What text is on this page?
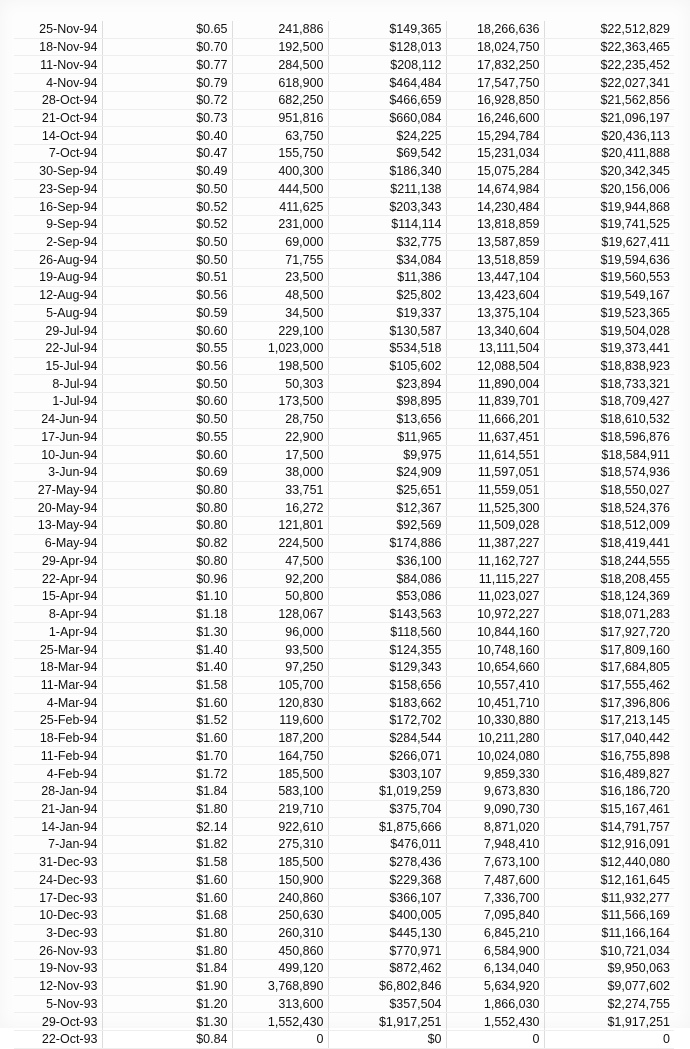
25-Nov-94	$0.65	241,886	$149,365	18,266,636	$22,512,829
18-Nov-94	$0.70	192,500	$128,013	18,024,750	$22,363,465
11-Nov-94	$0.77	284,500	$208,112	17,832,250	$22,235,452
4-Nov-94	$0.79	618,900	$464,484	17,547,750	$22,027,341
28-Oct-94	$0.72	682,250	$466,659	16,928,850	$21,562,856
21-Oct-94	$0.73	951,816	$660,084	16,246,600	$21,096,197
14-Oct-94	$0.40	63,750	$24,225	15,294,784	$20,436,113
7-Oct-94	$0.47	155,750	$69,542	15,231,034	$20,411,888
30-Sep-94	$0.49	400,300	$186,340	15,075,284	$20,342,345
23-Sep-94	$0.50	444,500	$211,138	14,674,984	$20,156,006
16-Sep-94	$0.52	411,625	$203,343	14,230,484	$19,944,868
9-Sep-94	$0.52	231,000	$114,114	13,818,859	$19,741,525
2-Sep-94	$0.50	69,000	$32,775	13,587,859	$19,627,411
26-Aug-94	$0.50	71,755	$34,084	13,518,859	$19,594,636
19-Aug-94	$0.51	23,500	$11,386	13,447,104	$19,560,553
12-Aug-94	$0.56	48,500	$25,802	13,423,604	$19,549,167
5-Aug-94	$0.59	34,500	$19,337	13,375,104	$19,523,365
29-Jul-94	$0.60	229,100	$130,587	13,340,604	$19,504,028
22-Jul-94	$0.55	1,023,000	$534,518	13,111,504	$19,373,441
15-Jul-94	$0.56	198,500	$105,602	12,088,504	$18,838,923
8-Jul-94	$0.50	50,303	$23,894	11,890,004	$18,733,321
1-Jul-94	$0.60	173,500	$98,895	11,839,701	$18,709,427
24-Jun-94	$0.50	28,750	$13,656	11,666,201	$18,610,532
17-Jun-94	$0.55	22,900	$11,965	11,637,451	$18,596,876
10-Jun-94	$0.60	17,500	$9,975	11,614,551	$18,584,911
3-Jun-94	$0.69	38,000	$24,909	11,597,051	$18,574,936
27-May-94	$0.80	33,751	$25,651	11,559,051	$18,550,027
20-May-94	$0.80	16,272	$12,367	11,525,300	$18,524,376
13-May-94	$0.80	121,801	$92,569	11,509,028	$18,512,009
6-May-94	$0.82	224,500	$174,886	11,387,227	$18,419,441
29-Apr-94	$0.80	47,500	$36,100	11,162,727	$18,244,555
22-Apr-94	$0.96	92,200	$84,086	11,115,227	$18,208,455
15-Apr-94	$1.10	50,800	$53,086	11,023,027	$18,124,369
8-Apr-94	$1.18	128,067	$143,563	10,972,227	$18,071,283
1-Apr-94	$1.30	96,000	$118,560	10,844,160	$17,927,720
25-Mar-94	$1.40	93,500	$124,355	10,748,160	$17,809,160
18-Mar-94	$1.40	97,250	$129,343	10,654,660	$17,684,805
11-Mar-94	$1.58	105,700	$158,656	10,557,410	$17,555,462
4-Mar-94	$1.60	120,830	$183,662	10,451,710	$17,396,806
25-Feb-94	$1.52	119,600	$172,702	10,330,880	$17,213,145
18-Feb-94	$1.60	187,200	$284,544	10,211,280	$17,040,442
11-Feb-94	$1.70	164,750	$266,071	10,024,080	$16,755,898
4-Feb-94	$1.72	185,500	$303,107	9,859,330	$16,489,827
28-Jan-94	$1.84	583,100	$1,019,259	9,673,830	$16,186,720
21-Jan-94	$1.80	219,710	$375,704	9,090,730	$15,167,461
14-Jan-94	$2.14	922,610	$1,875,666	8,871,020	$14,791,757
7-Jan-94	$1.82	275,310	$476,011	7,948,410	$12,916,091
31-Dec-93	$1.58	185,500	$278,436	7,673,100	$12,440,080
24-Dec-93	$1.60	150,900	$229,368	7,487,600	$12,161,645
17-Dec-93	$1.60	240,860	$366,107	7,336,700	$11,932,277
10-Dec-93	$1.68	250,630	$400,005	7,095,840	$11,566,169
3-Dec-93	$1.80	260,310	$445,130	6,845,210	$11,166,164
26-Nov-93	$1.80	450,860	$770,971	6,584,900	$10,721,034
19-Nov-93	$1.84	499,120	$872,462	6,134,040	$9,950,063
12-Nov-93	$1.90	3,768,890	$6,802,846	5,634,920	$9,077,602
5-Nov-93	$1.20	313,600	$357,504	1,866,030	$2,274,755
29-Oct-93	$1.30	1,552,430	$1,917,251	1,552,430	$1,917,251
22-Oct-93	$0.84	0	$0	0	0
